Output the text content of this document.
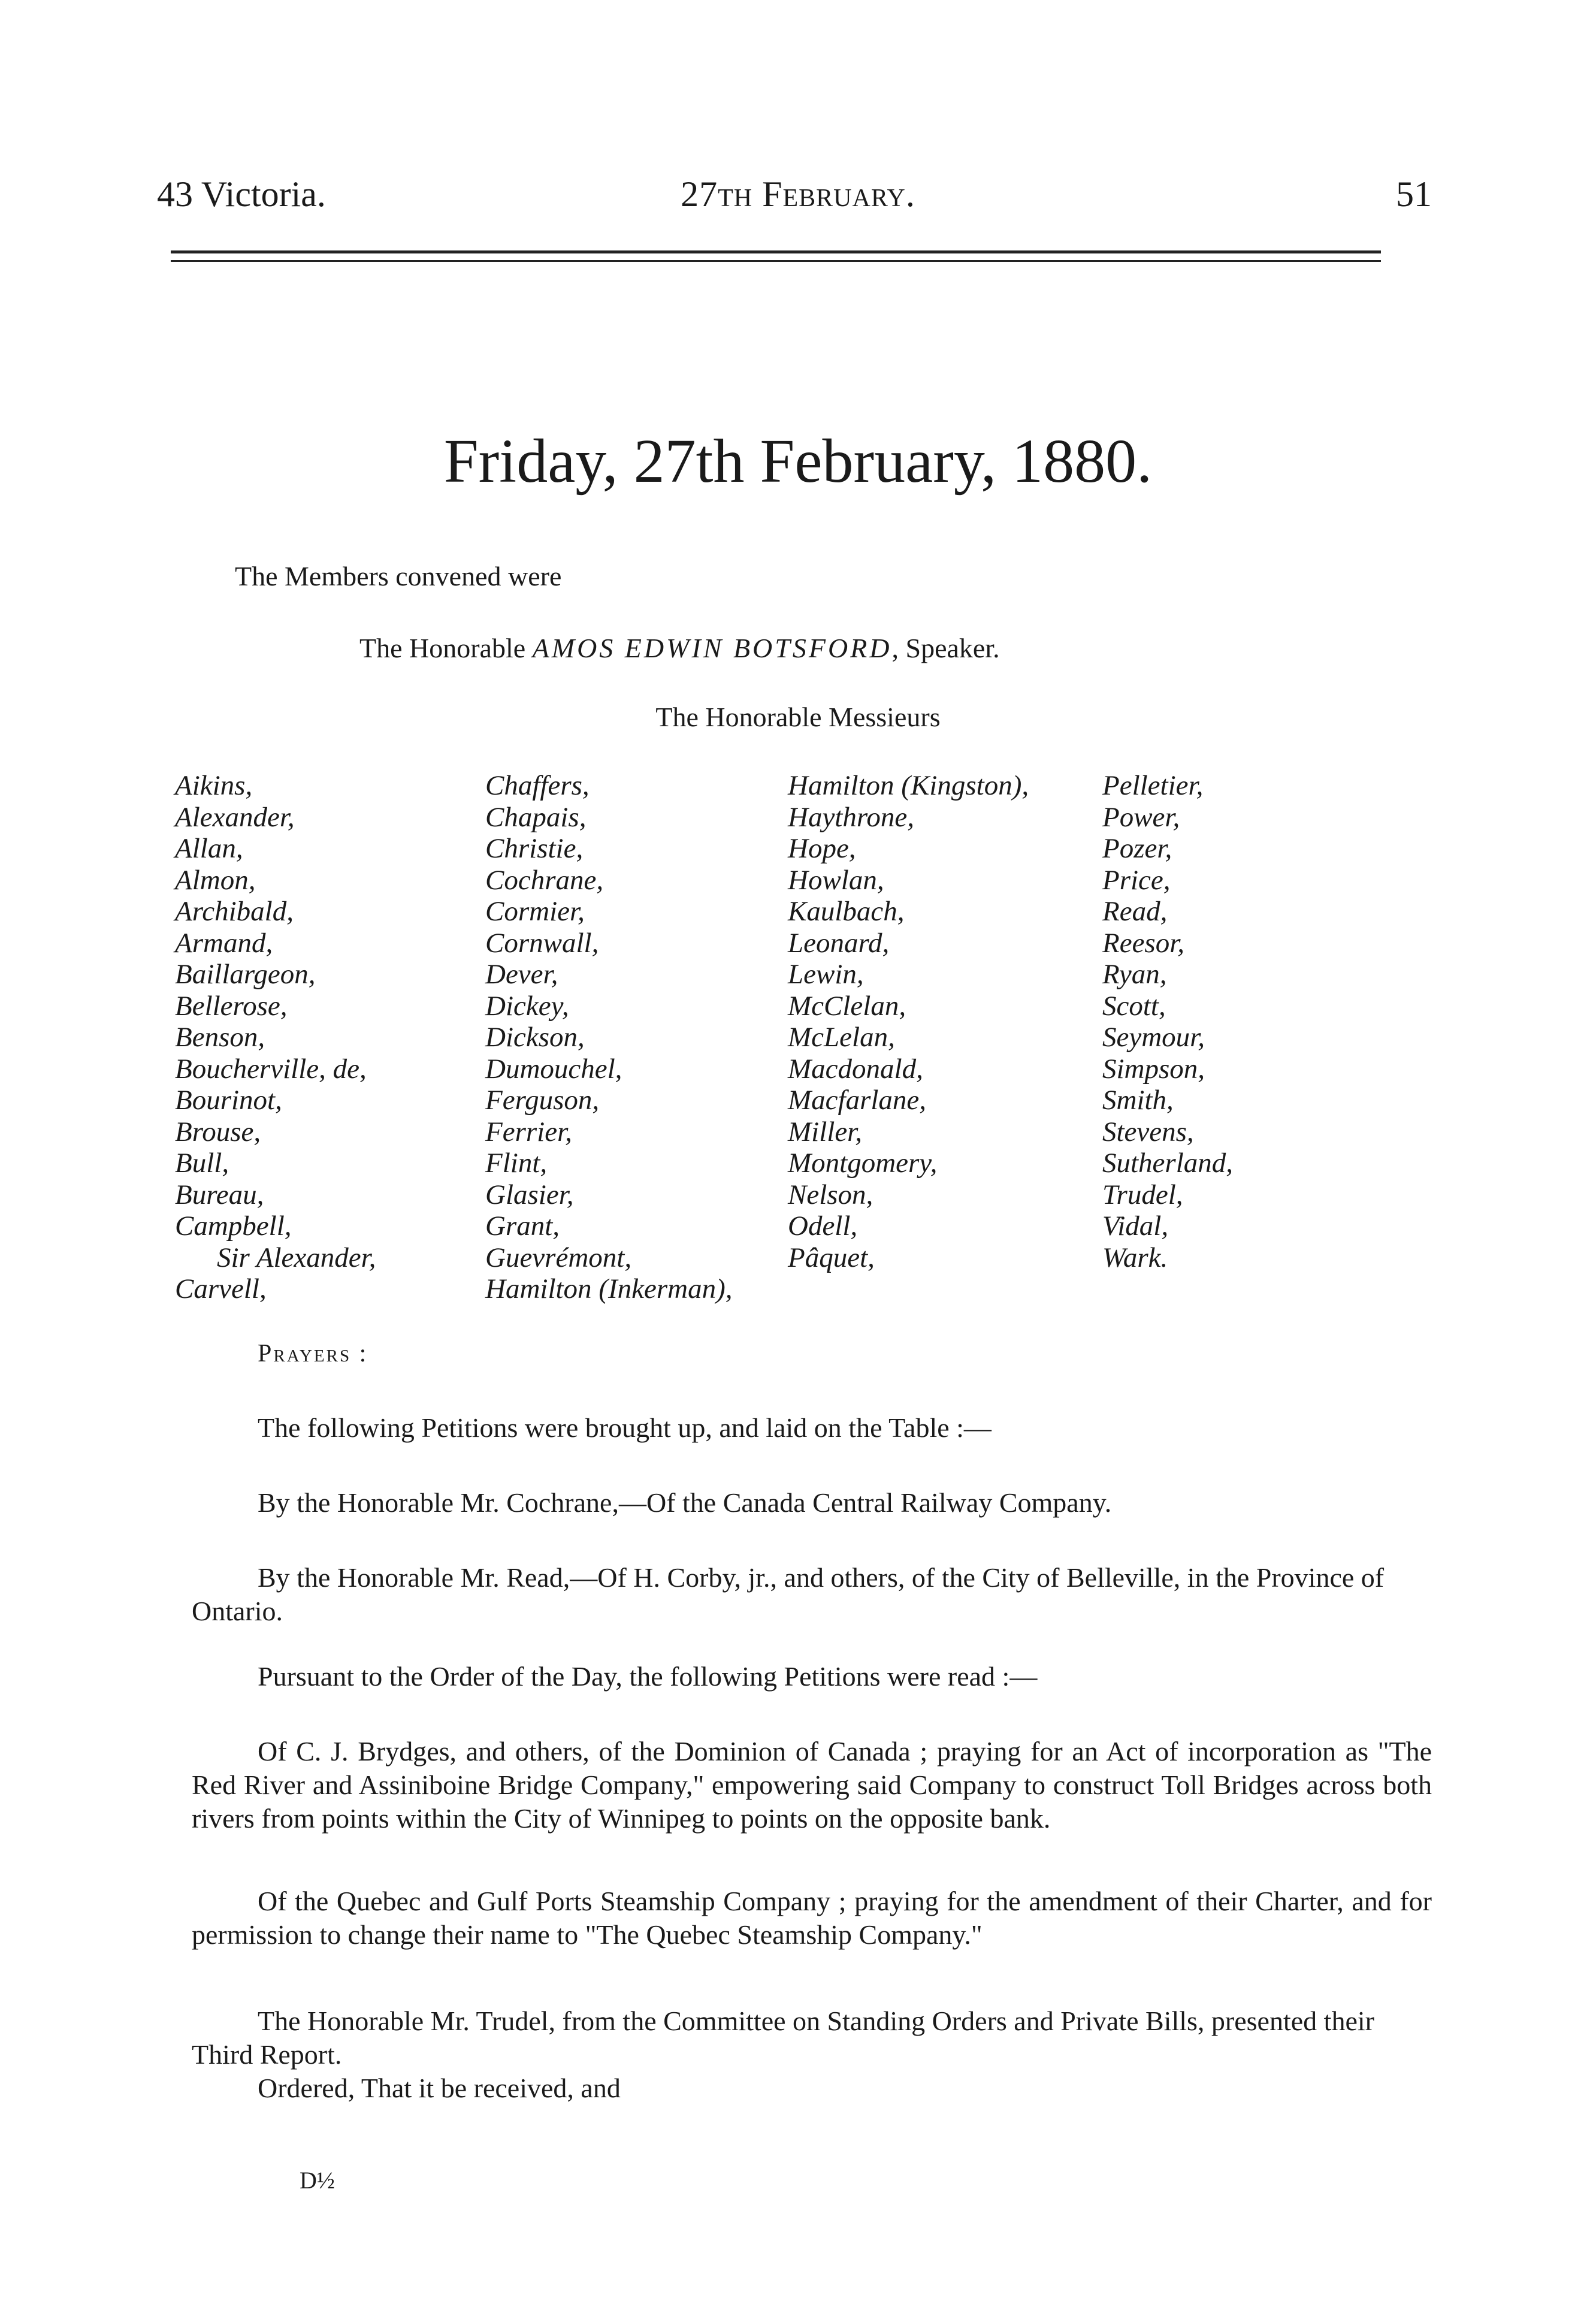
43 Victoria.	27th February.	51
Friday, 27th February, 1880.
The Members convened were
The Honorable AMOS EDWIN BOTSFORD, Speaker.
The Honorable Messieurs
Aikins,
Alexander,
Allan,
Almon,
Archibald,
Armand,
Baillargeon,
Bellerose,
Benson,
Boucherville, de,
Bourinot,
Brouse,
Bull,
Bureau,
Campbell,
Sir Alexander,
Carvell,
Chaffers,
Chapais,
Christie,
Cochrane,
Cormier,
Cornwall,
Dever,
Dickey,
Dickson,
Dumouchel,
Ferguson,
Ferrier,
Flint,
Glasier,
Grant,
Guevrémont,
Hamilton (Inkerman),
Hamilton (Kingston),
Haythrone,
Hope,
Howlan,
Kaulbach,
Leonard,
Lewin,
McClelan,
McLelan,
Macdonald,
Macfarlane,
Miller,
Montgomery,
Nelson,
Odell,
Pâquet,
Pelletier,
Power,
Pozer,
Price,
Read,
Reesor,
Ryan,
Scott,
Seymour,
Simpson,
Smith,
Stevens,
Sutherland,
Trudel,
Vidal,
Wark.
Prayers :
The following Petitions were brought up, and laid on the Table :—
By the Honorable Mr. Cochrane,—Of the Canada Central Railway Company.
By the Honorable Mr. Read,—Of H. Corby, jr., and others, of the City of Belleville, in the Province of Ontario.
Pursuant to the Order of the Day, the following Petitions were read :—
Of C. J. Brydges, and others, of the Dominion of Canada ; praying for an Act of incorporation as "The Red River and Assiniboine Bridge Company," empowering said Company to construct Toll Bridges across both rivers from points within the City of Winnipeg to points on the opposite bank.
Of the Quebec and Gulf Ports Steamship Company ; praying for the amendment of their Charter, and for permission to change their name to "The Quebec Steamship Company."
The Honorable Mr. Trudel, from the Committee on Standing Orders and Private Bills, presented their Third Report.
Ordered, That it be received, and
D½
